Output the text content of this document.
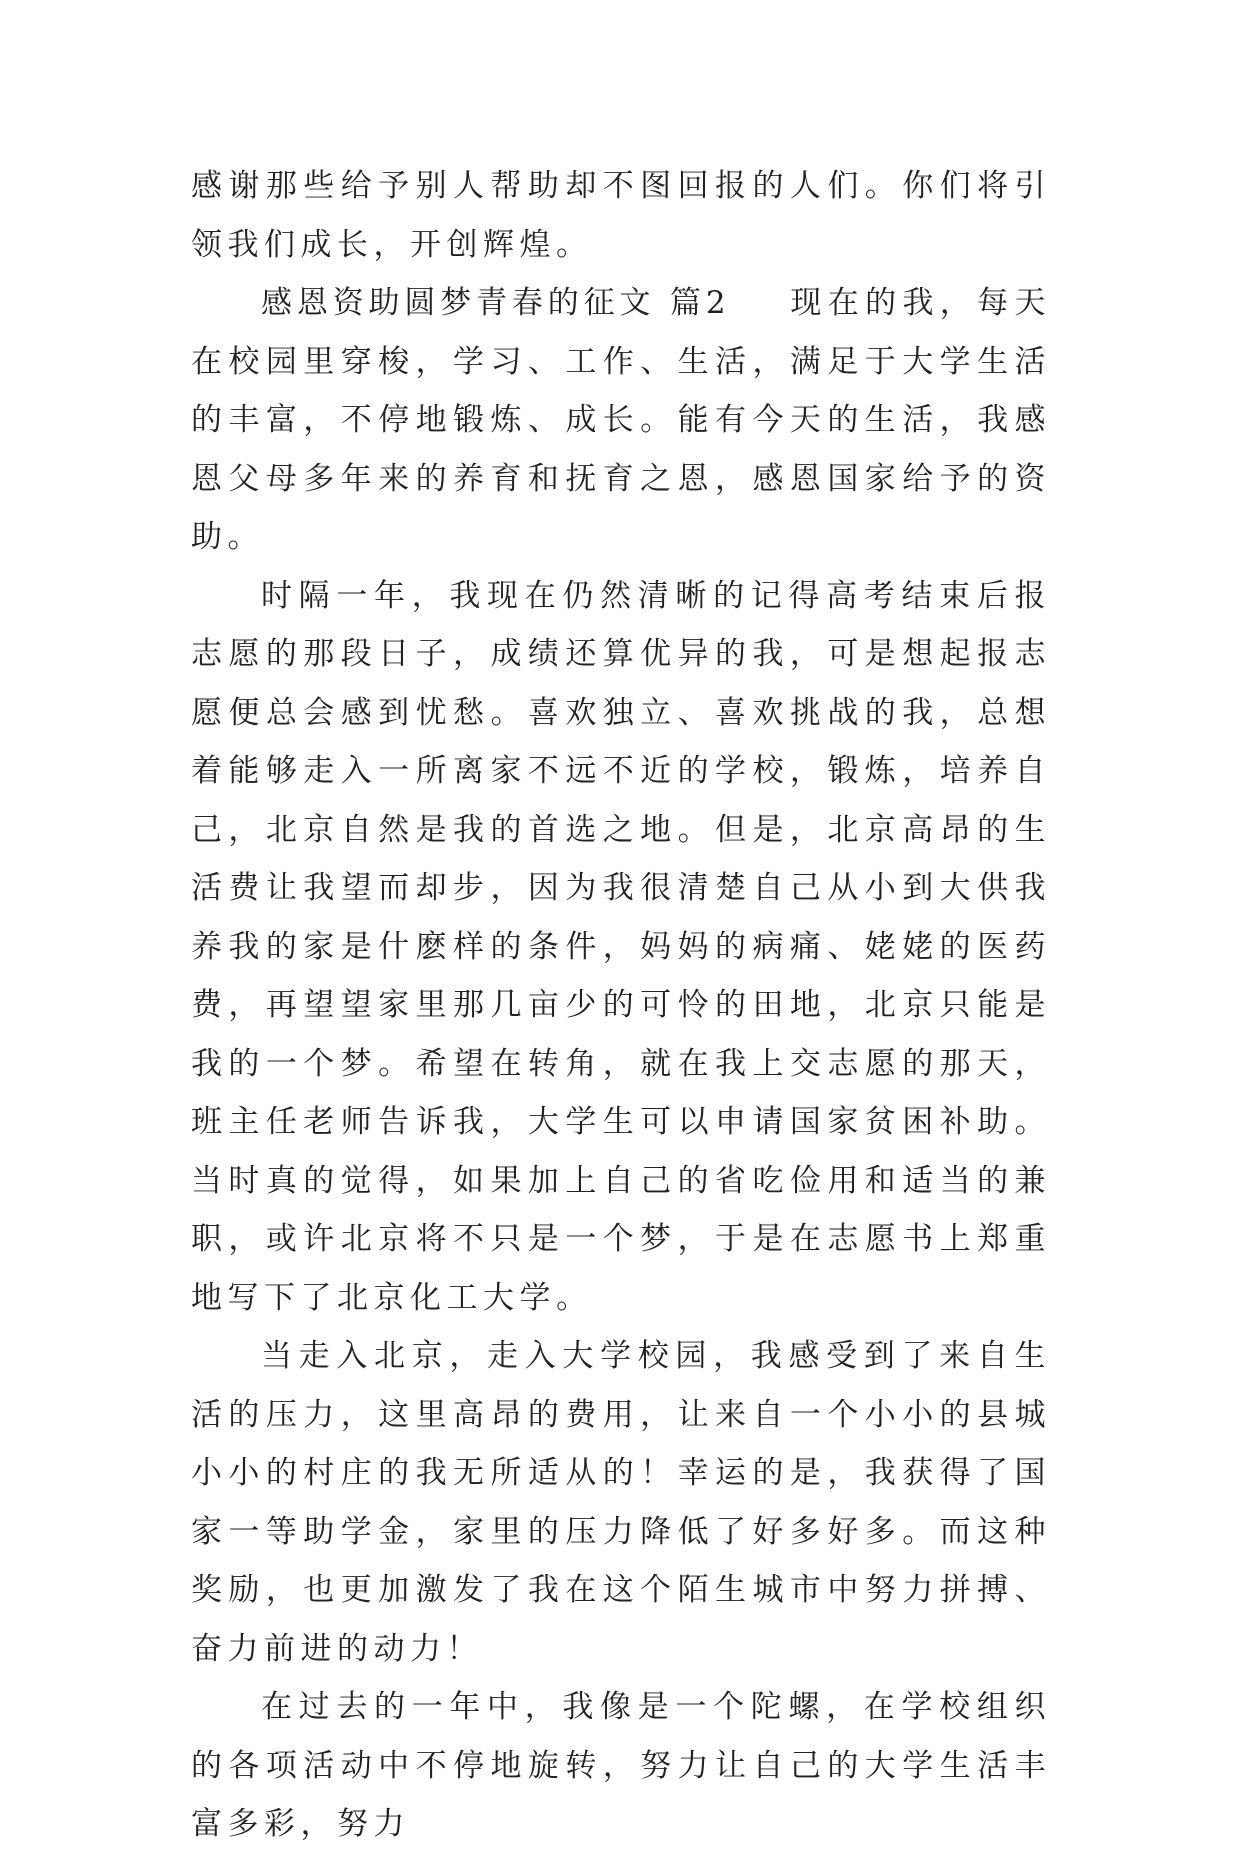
感谢那些给予别人帮助却不图回报的人们。你们将引领我们成长，开创辉煌。

感恩资助圆梦青春的征文 篇2 现在的我，每天在校园里穿梭，学习、工作、生活，满足于大学生活的丰富，不停地锻炼、成长。能有今天的生活，我感恩父母多年来的养育和抚育之恩，感恩国家给予的资助。

时隔一年，我现在仍然清晰的记得高考结束后报志愿的那段日子，成绩还算优异的我，可是想起报志愿便总会感到忧愁。喜欢独立、喜欢挑战的我，总想着能够走入一所离家不远不近的学校，锻炼，培养自己，北京自然是我的首选之地。但是，北京高昂的生活费让我望而却步，因为我很清楚自己从小到大供我养我的家是什麽样的条件，妈妈的病痛、姥姥的医药费，再望望家里那几亩少的可怜的田地，北京只能是我的一个梦。希望在转角，就在我上交志愿的那天，班主任老师告诉我，大学生可以申请国家贫困补助。当时真的觉得，如果加上自己的省吃俭用和适当的兼职，或许北京将不只是一个梦，于是在志愿书上郑重地写下了北京化工大学。

当走入北京，走入大学校园，我感受到了来自生活的压力，这里高昂的费用，让来自一个小小的县城小小的村庄的我无所适从的！幸运的是，我获得了国家一等助学金，家里的压力降低了好多好多。而这种奖励，也更加激发了我在这个陌生城市中努力拼搏、奋力前进的动力！

在过去的一年中，我像是一个陀螺，在学校组织的各项活动中不停地旋转，努力让自己的大学生活丰富多彩，努力
